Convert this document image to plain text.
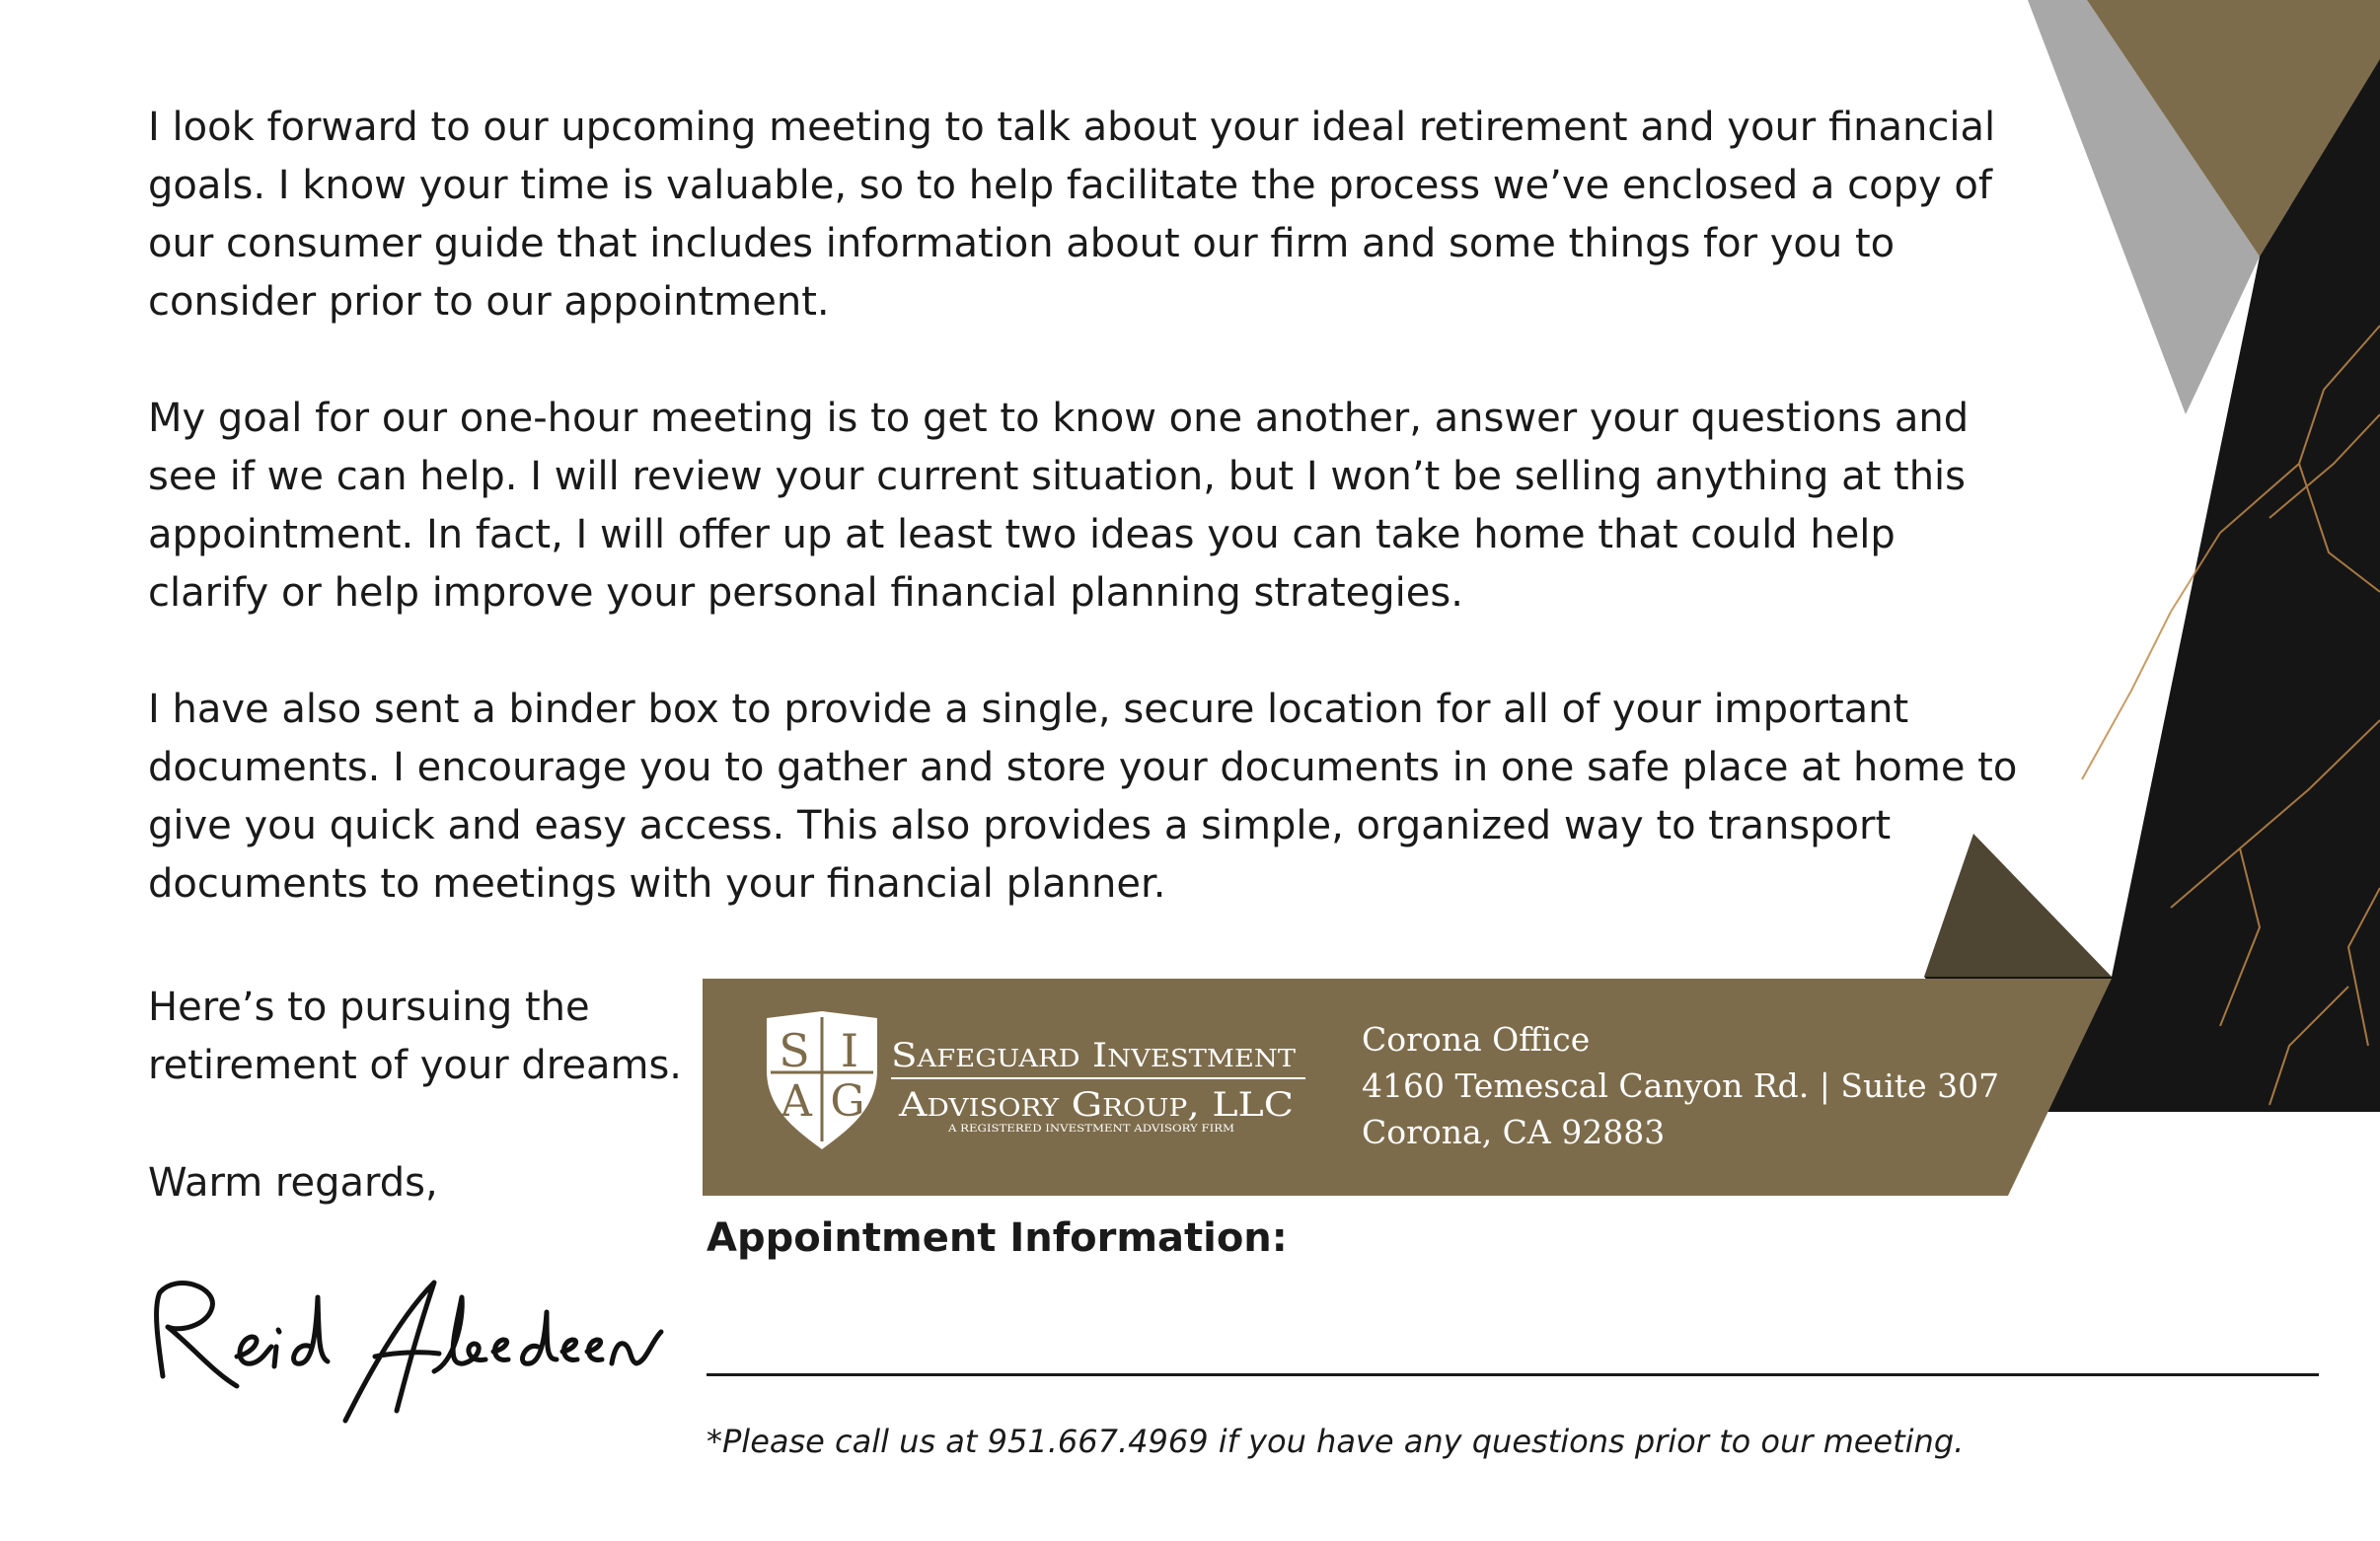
I look forward to our upcoming meeting to talk about your ideal retirement and your financial goals. I know your time is valuable, so to help facilitate the process we’ve enclosed a copy of our consumer guide that includes information about our firm and some things for you to consider prior to our appointment.

My goal for our one-hour meeting is to get to know one another, answer your questions and see if we can help. I will review your current situation, but I won’t be selling anything at this appointment. In fact, I will offer up at least two ideas you can take home that could help clarify or help improve your personal financial planning strategies.

I have also sent a binder box to provide a single, secure location for all of your important documents. I encourage you to gather and store your documents in one safe place at home to give you quick and easy access. This also provides a simple, organized way to transport documents to meetings with your financial planner.

Here’s to pursuing the
retirement of your dreams.
Warm regards,
S I
A G
Safeguard Investment
Advisory Group, LLC
A REGISTERED INVESTMENT ADVISORY FIRM
Corona Office
4160 Temescal Canyon Rd. | Suite 307
Corona, CA 92883
Appointment Information:
*Please call us at 951.667.4969 if you have any questions prior to our meeting.
